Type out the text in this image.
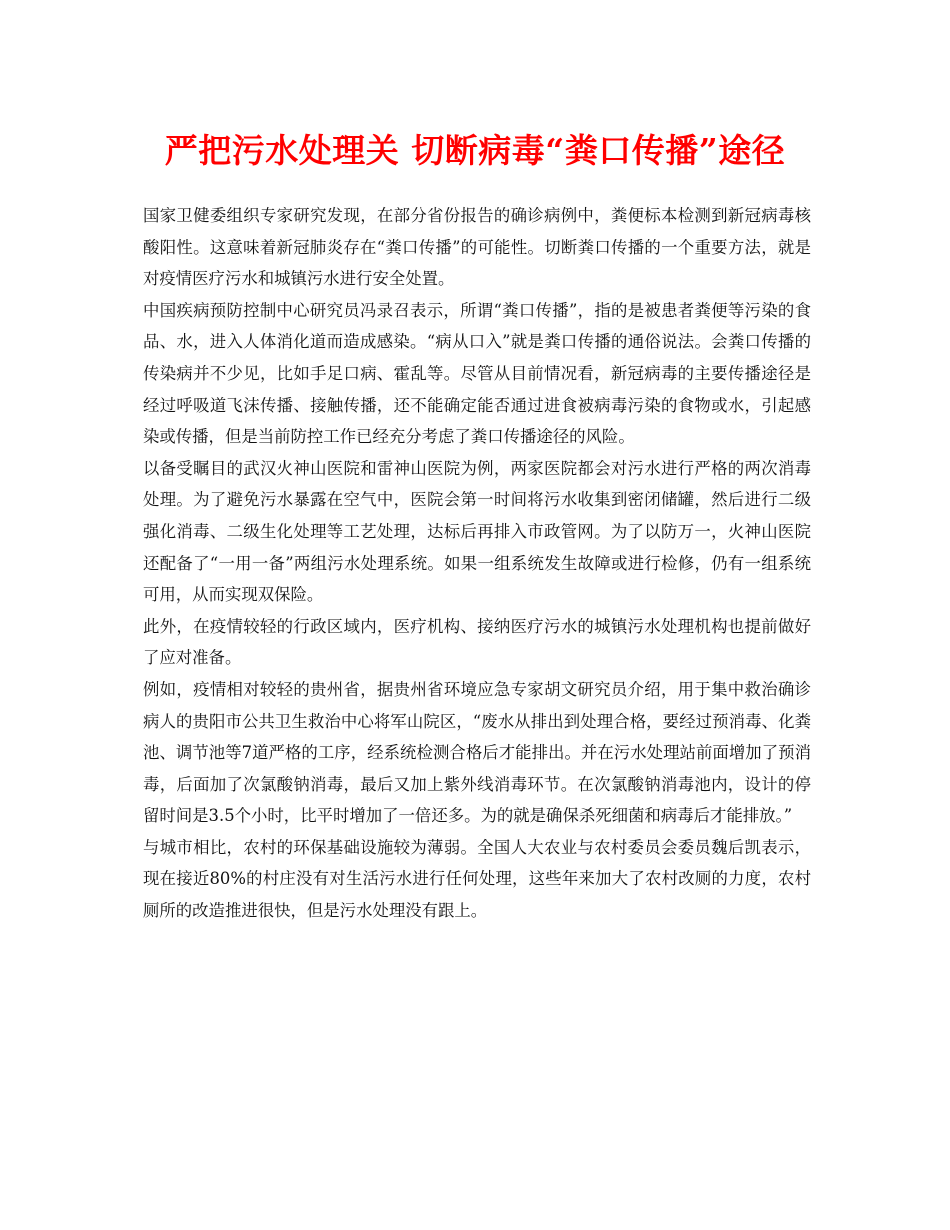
严把污水处理关 切断病毒“粪口传播”途径

国家卫健委组织专家研究发现，在部分省份报告的确诊病例中，粪便标本检测到新冠病毒核酸阳性。这意味着新冠肺炎存在“粪口传播”的可能性。切断粪口传播的一个重要方法，就是对疫情医疗污水和城镇污水进行安全处置。

中国疾病预防控制中心研究员冯录召表示，所谓“粪口传播”，指的是被患者粪便等污染的食品、水，进入人体消化道而造成感染。“病从口入”就是粪口传播的通俗说法。会粪口传播的传染病并不少见，比如手足口病、霍乱等。尽管从目前情况看，新冠病毒的主要传播途径是经过呼吸道飞沫传播、接触传播，还不能确定能否通过进食被病毒污染的食物或水，引起感染或传播，但是当前防控工作已经充分考虑了粪口传播途径的风险。

以备受瞩目的武汉火神山医院和雷神山医院为例，两家医院都会对污水进行严格的两次消毒处理。为了避免污水暴露在空气中，医院会第一时间将污水收集到密闭储罐，然后进行二级强化消毒、二级生化处理等工艺处理，达标后再排入市政管网。为了以防万一，火神山医院还配备了“一用一备”两组污水处理系统。如果一组系统发生故障或进行检修，仍有一组系统可用，从而实现双保险。

此外，在疫情较轻的行政区域内，医疗机构、接纳医疗污水的城镇污水处理机构也提前做好了应对准备。

例如，疫情相对较轻的贵州省，据贵州省环境应急专家胡文研究员介绍，用于集中救治确诊病人的贵阳市公共卫生救治中心将军山院区，“废水从排出到处理合格，要经过预消毒、化粪池、调节池等7道严格的工序，经系统检测合格后才能排出。并在污水处理站前面增加了预消毒，后面加了次氯酸钠消毒，最后又加上紫外线消毒环节。在次氯酸钠消毒池内，设计的停留时间是3.5个小时，比平时增加了一倍还多。为的就是确保杀死细菌和病毒后才能排放。”

与城市相比，农村的环保基础设施较为薄弱。全国人大农业与农村委员会委员魏后凯表示，现在接近80%的村庄没有对生活污水进行任何处理，这些年来加大了农村改厕的力度，农村厕所的改造推进很快，但是污水处理没有跟上。
